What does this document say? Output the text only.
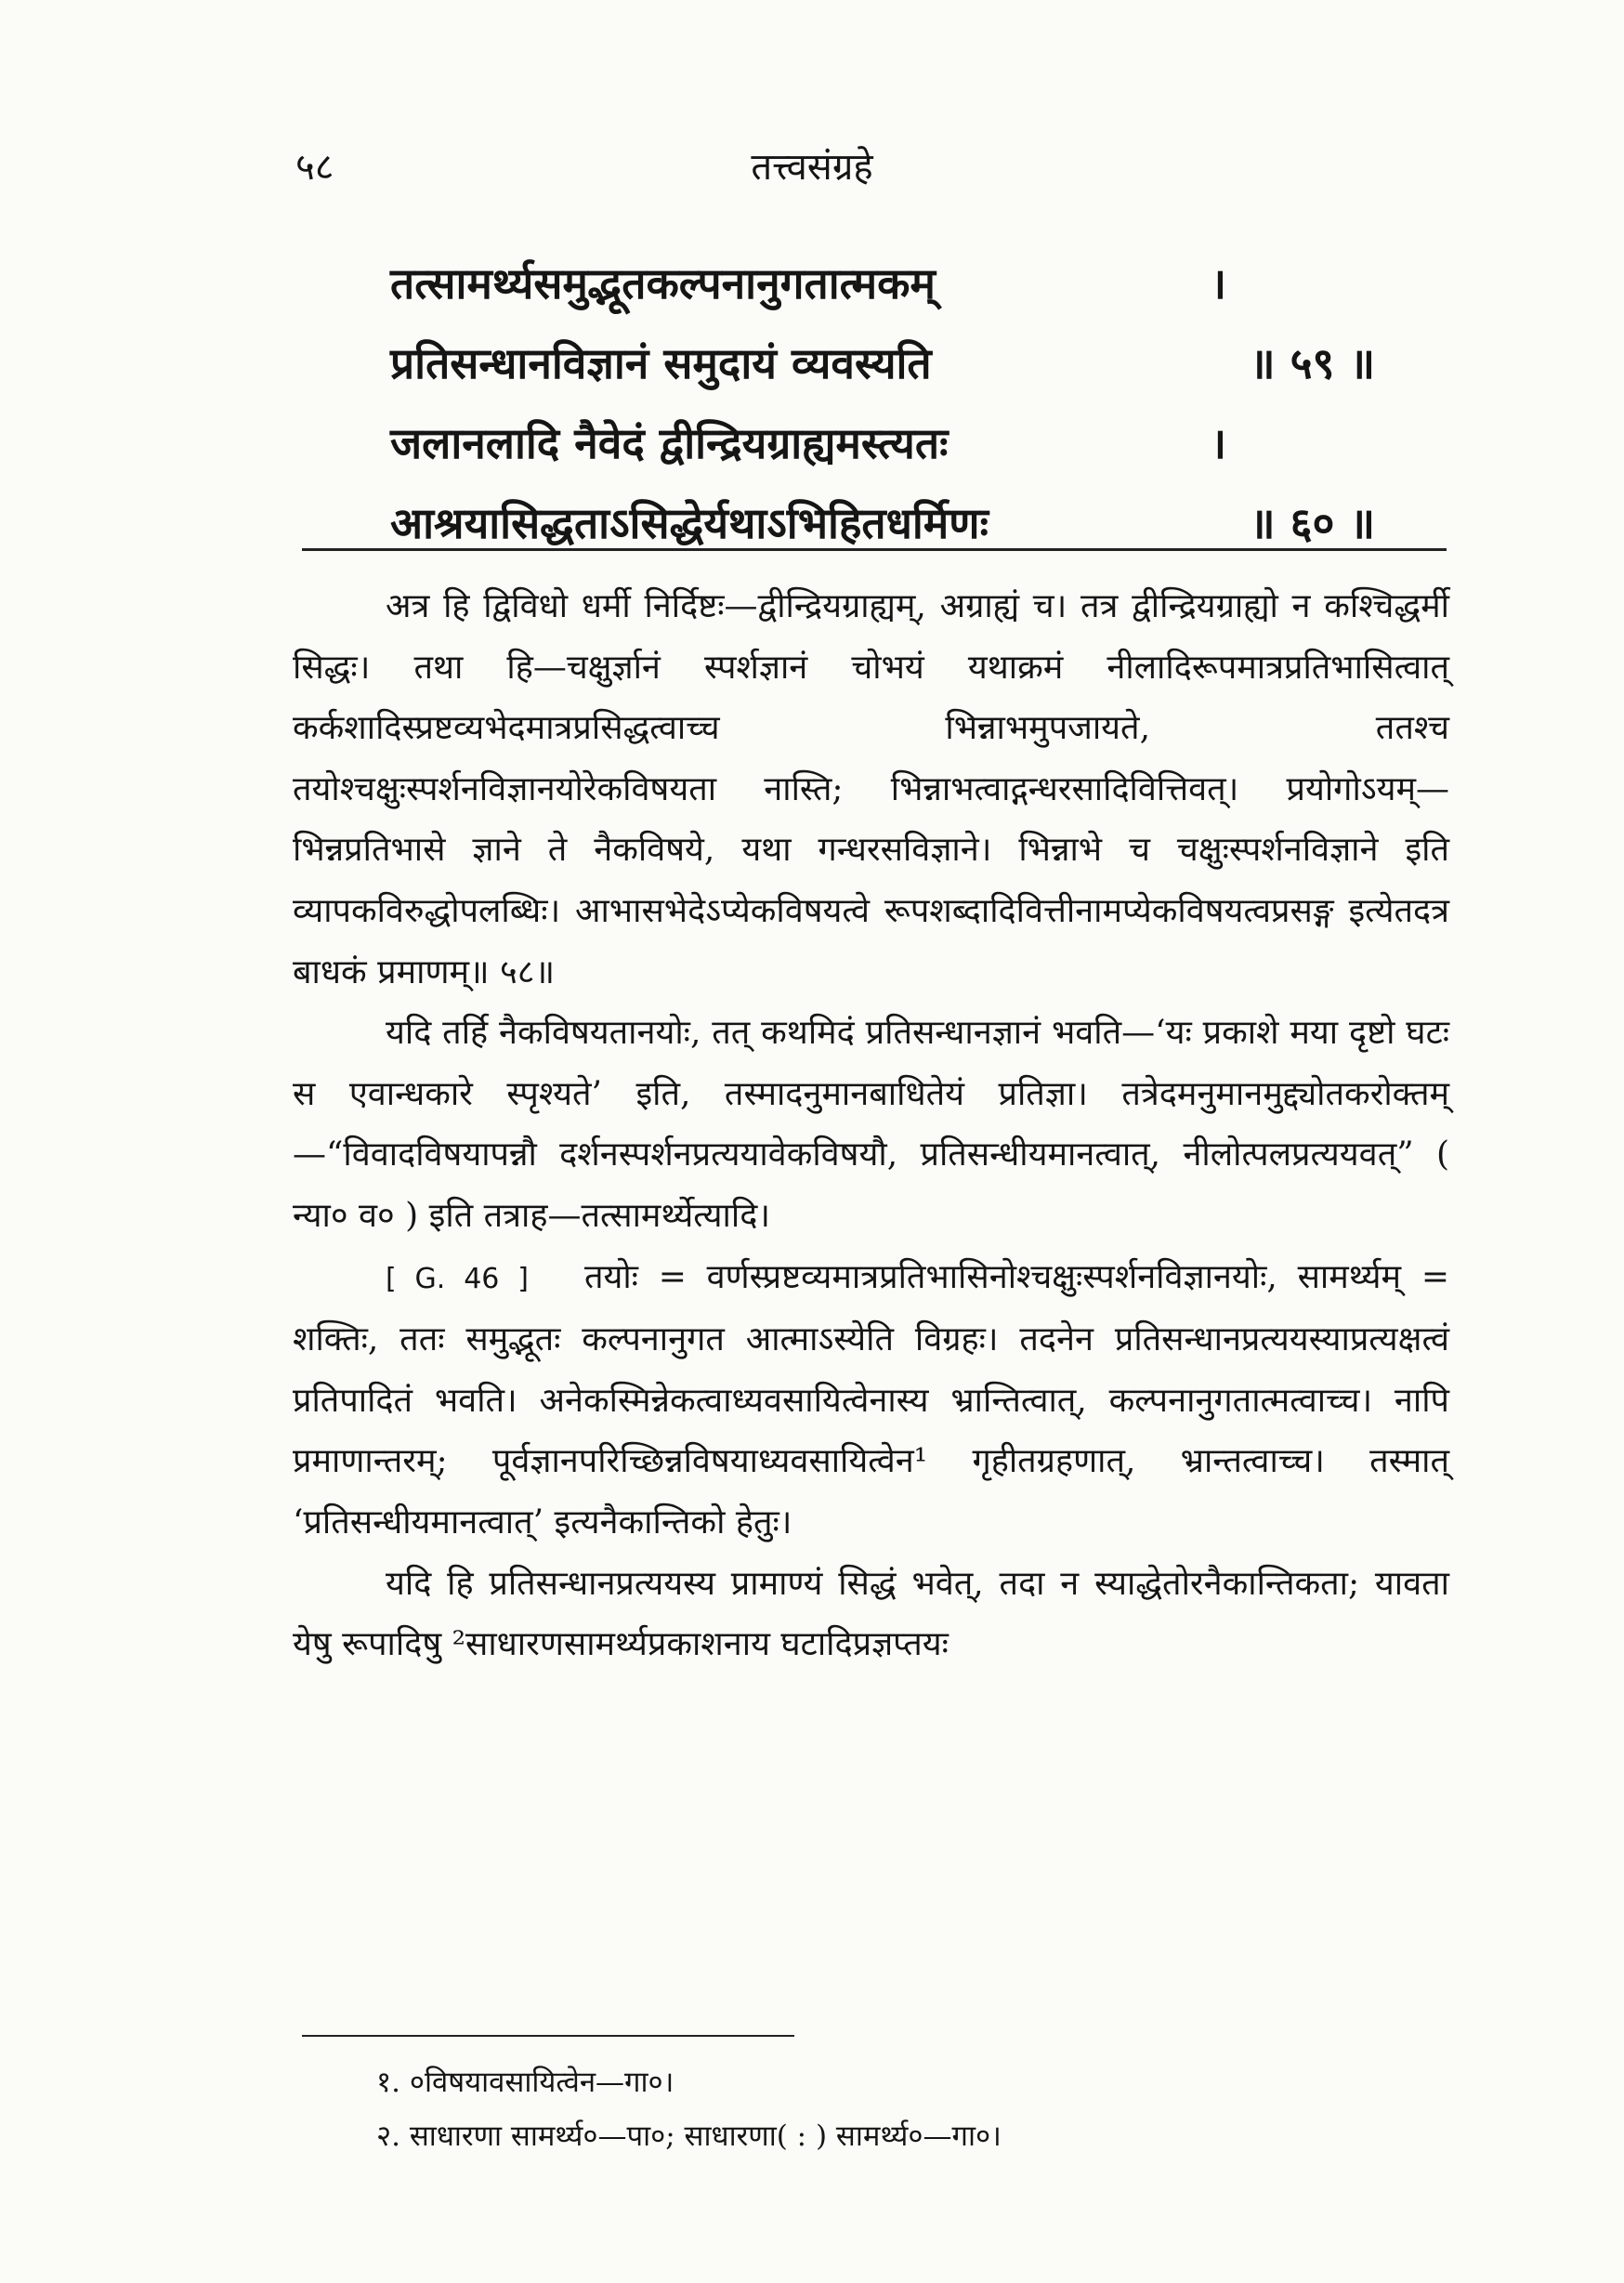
५८	तत्त्वसंग्रहे
तत्सामर्थ्यसमुद्भूतकल्पनानुगतात्मकम्	।
प्रतिसन्धानविज्ञानं समुदायं व्यवस्यति	॥ ५९ ॥
जलानलादि नैवेदं द्वीन्द्रियग्राह्यमस्त्यतः	।
आश्रयासिद्धताऽसिद्धेर्यथाऽभिहितधर्मिणः	॥ ६० ॥

अत्र हि द्विविधो धर्मी निर्दिष्टः—द्वीन्द्रियग्राह्यम्, अग्राह्यं च। तत्र द्वीन्द्रियग्राह्यो न कश्चिद्धर्मी सिद्धः। तथा हि—चक्षुर्ज्ञानं स्पर्शज्ञानं चोभयं यथाक्रमं नीलादिरूपमात्रप्रतिभासित्वात् कर्कशादिस्प्रष्टव्यभेदमात्रप्रसिद्धत्वाच्च भिन्नाभमुपजायते, ततश्च तयोश्चक्षुःस्पर्शनविज्ञानयोरेकविषयता नास्ति; भिन्नाभत्वाद्गन्धरसादिवित्तिवत्। प्रयोगोऽयम्—भिन्नप्रतिभासे ज्ञाने ते नैकविषये, यथा गन्धरसविज्ञाने। भिन्नाभे च चक्षुःस्पर्शनविज्ञाने इति व्यापकविरुद्धोपलब्धिः। आभासभेदेऽप्येकविषयत्वे रूपशब्दादिवित्तीनामप्येकविषयत्वप्रसङ्ग इत्येतदत्र बाधकं प्रमाणम्॥ ५८॥

यदि तर्हि नैकविषयतानयोः, तत् कथमिदं प्रतिसन्धानज्ञानं भवति—‘यः प्रकाशे मया दृष्टो घटः स एवान्धकारे स्पृश्यते’ इति, तस्मादनुमानबाधितेयं प्रतिज्ञा। तत्रेदमनुमानमुद्द्योतकरोक्तम्—“विवादविषयापन्नौ दर्शनस्पर्शनप्रत्ययावेकविषयौ, प्रतिसन्धीयमानत्वात्, नीलोत्पलप्रत्ययवत्” ( न्या० व० ) इति तत्राह—तत्सामर्थ्येत्यादि।

[ G. 46 ] तयोः = वर्णस्प्रष्टव्यमात्रप्रतिभासिनोश्चक्षुःस्पर्शनविज्ञानयोः, सामर्थ्यम् = शक्तिः, ततः समुद्भूतः कल्पनानुगत आत्माऽस्येति विग्रहः। तदनेन प्रतिसन्धानप्रत्ययस्याप्रत्यक्षत्वं प्रतिपादितं भवति। अनेकस्मिन्नेकत्वाध्यवसायित्वेनास्य भ्रान्तित्वात्, कल्पनानुगतात्मत्वाच्च। नापि प्रमाणान्तरम्; पूर्वज्ञानपरिच्छिन्नविषयाध्यवसायित्वेन¹ गृहीतग्रहणात्, भ्रान्तत्वाच्च। तस्मात् ‘प्रतिसन्धीयमानत्वात्’ इत्यनैकान्तिको हेतुः।

यदि हि प्रतिसन्धानप्रत्ययस्य प्रामाण्यं सिद्धं भवेत्, तदा न स्याद्धेतोरनैकान्तिकता; यावता येषु रूपादिषु ²साधारणसामर्थ्यप्रकाशनाय घटादिप्रज्ञप्तयः

१. ०विषयावसायित्वेन—गा०।
२. साधारणा सामर्थ्य०—पा०; साधारणा( : ) सामर्थ्य०—गा०।
